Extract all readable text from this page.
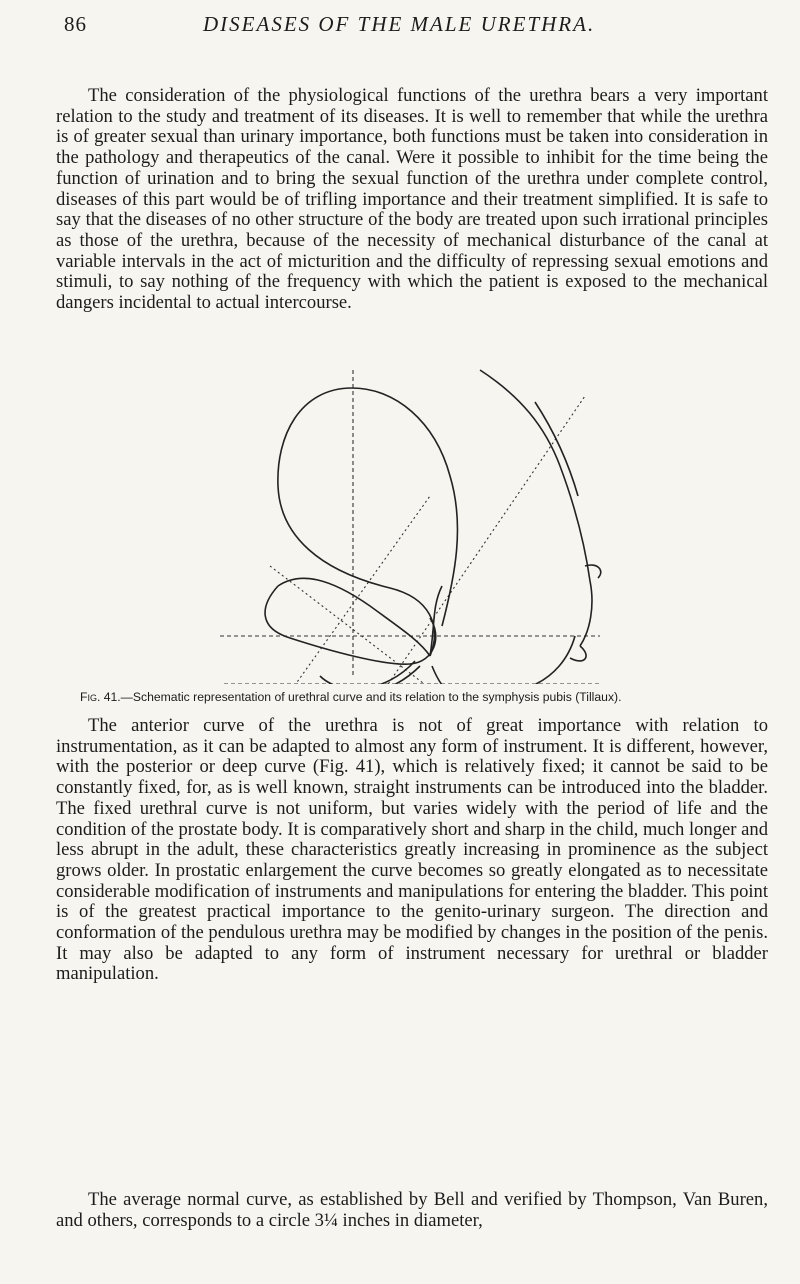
86	DISEASES OF THE MALE URETHRA.

The consideration of the physiological functions of the urethra bears a very important relation to the study and treatment of its diseases. It is well to remember that while the urethra is of greater sexual than urinary importance, both functions must be taken into consideration in the pathology and therapeutics of the canal. Were it possible to inhibit for the time being the function of urination and to bring the sexual function of the urethra under complete control, diseases of this part would be of trifling importance and their treatment simplified. It is safe to say that the diseases of no other structure of the body are treated upon such irrational principles as those of the urethra, because of the necessity of mechanical disturbance of the canal at variable intervals in the act of micturition and the difficulty of repressing sexual emotions and stimuli, to say nothing of the frequency with which the patient is exposed to the mechanical dangers incidental to actual intercourse.

Fig. 41.—Schematic representation of urethral curve and its relation to the symphysis pubis (Tillaux).

The anterior curve of the urethra is not of great importance with relation to instrumentation, as it can be adapted to almost any form of instrument. It is different, however, with the posterior or deep curve (Fig. 41), which is relatively fixed; it cannot be said to be constantly fixed, for, as is well known, straight instruments can be introduced into the bladder. The fixed urethral curve is not uniform, but varies widely with the period of life and the condition of the prostate body. It is comparatively short and sharp in the child, much longer and less abrupt in the adult, these characteristics greatly increasing in prominence as the subject grows older. In prostatic enlargement the curve becomes so greatly elongated as to necessitate considerable modification of instruments and manipulations for entering the bladder. This point is of the greatest practical importance to the genito-urinary surgeon. The direction and conformation of the pendulous urethra may be modified by changes in the position of the penis. It may also be adapted to any form of instrument necessary for urethral or bladder manipulation.

The average normal curve, as established by Bell and verified by Thompson, Van Buren, and others, corresponds to a circle 3¼ inches in diameter,
